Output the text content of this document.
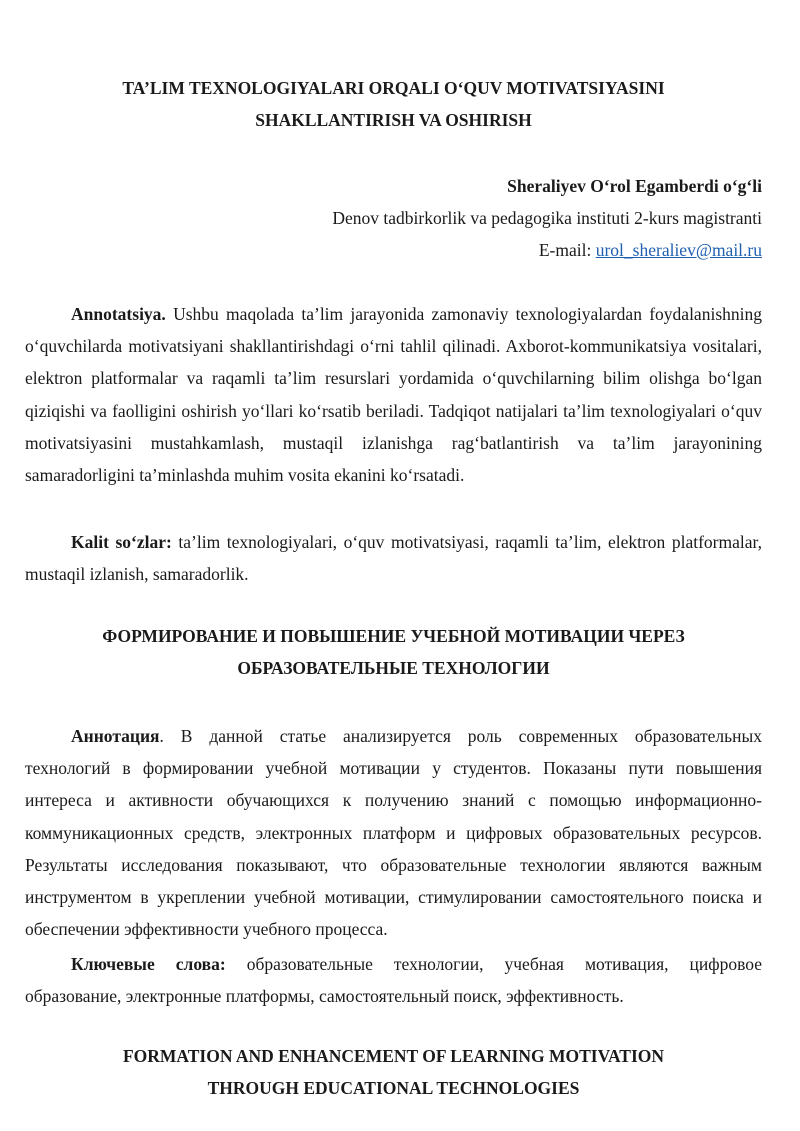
TA’LIM TEXNOLOGIYALARI ORQALI O‘QUV MOTIVATSIYASINI
SHAKLLANTIRISH VA OSHIRISH
Sheraliyev O‘rol Egamberdi o‘g‘li
Denov tadbirkorlik va pedagogika instituti 2-kurs magistranti
E-mail: urol_sheraliev@mail.ru

Annotatsiya. Ushbu maqolada ta’lim jarayonida zamonaviy texnologiyalardan foydalanishning o‘quvchilarda motivatsiyani shakllantirishdagi o‘rni tahlil qilinadi. Axborot-kommunikatsiya vositalari, elektron platformalar va raqamli ta’lim resurslari yordamida o‘quvchilarning bilim olishga bo‘lgan qiziqishi va faolligini oshirish yo‘llari ko‘rsatib beriladi. Tadqiqot natijalari ta’lim texnologiyalari o‘quv motivatsiyasini mustahkamlash, mustaqil izlanishga rag‘batlantirish va ta’lim jarayonining samaradorligini ta’minlashda muhim vosita ekanini ko‘rsatadi.

Kalit so‘zlar: ta’lim texnologiyalari, o‘quv motivatsiyasi, raqamli ta’lim, elektron platformalar, mustaqil izlanish, samaradorlik.

ФОРМИРОВАНИЕ И ПОВЫШЕНИЕ УЧЕБНОЙ МОТИВАЦИИ ЧЕРЕЗ
ОБРАЗОВАТЕЛЬНЫЕ ТЕХНОЛОГИИ

Аннотация. В данной статье анализируется роль современных образовательных технологий в формировании учебной мотивации у студентов. Показаны пути повышения интереса и активности обучающихся к получению знаний с помощью информационно-коммуникационных средств, электронных платформ и цифровых образовательных ресурсов. Результаты исследования показывают, что образовательные технологии являются важным инструментом в укреплении учебной мотивации, стимулировании самостоятельного поиска и обеспечении эффективности учебного процесса.

Ключевые слова: образовательные технологии, учебная мотивация, цифровое образование, электронные платформы, самостоятельный поиск, эффективность.

FORMATION AND ENHANCEMENT OF LEARNING MOTIVATION
THROUGH EDUCATIONAL TECHNOLOGIES
